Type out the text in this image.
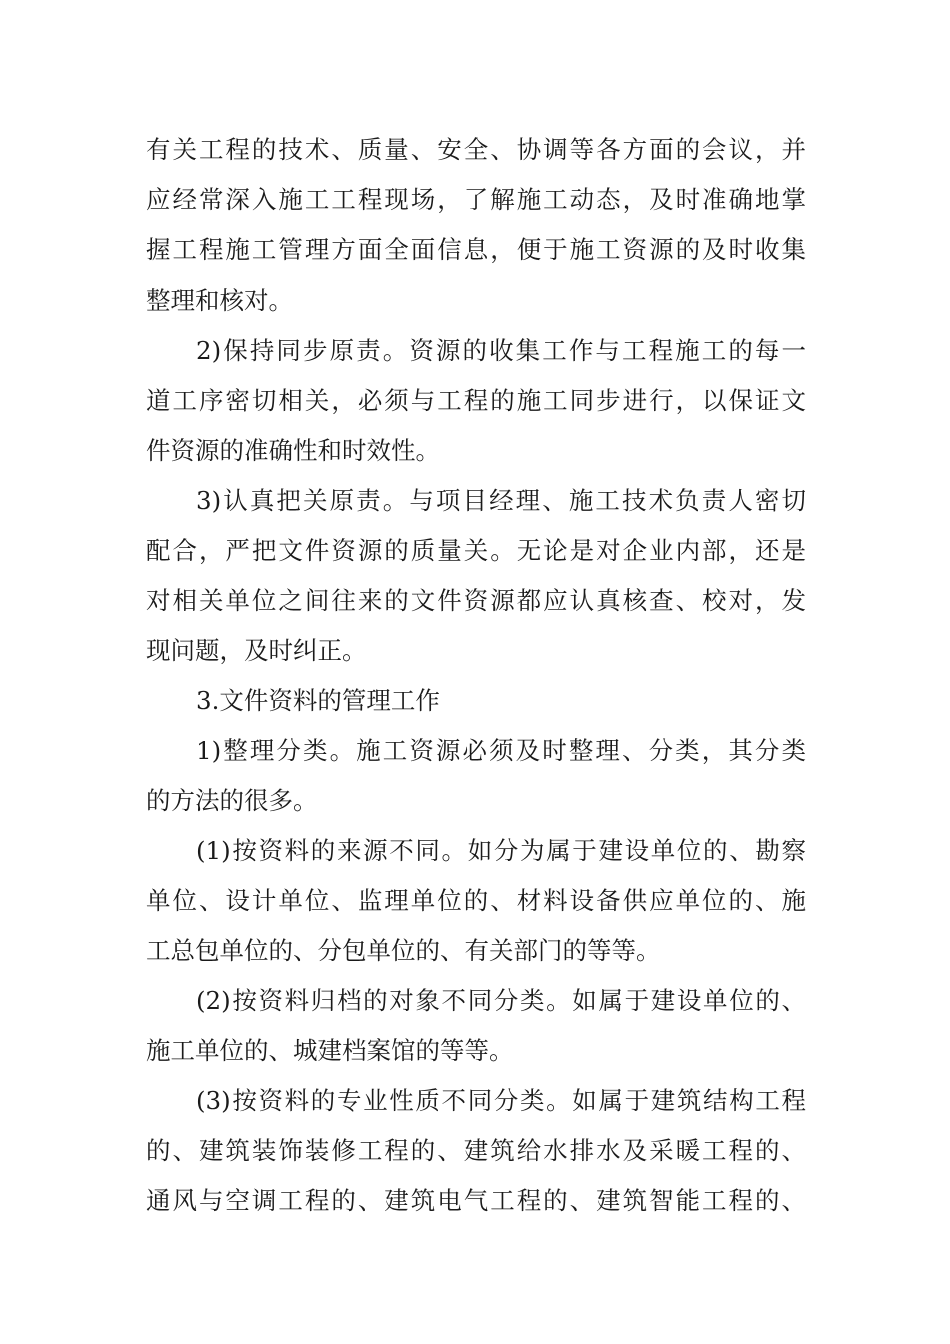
有关工程的技术、质量、安全、协调等各方面的会议，并
应经常深入施工工程现场，了解施工动态，及时准确地掌
握工程施工管理方面全面信息，便于施工资源的及时收集
整理和核对。
2)保持同步原责。资源的收集工作与工程施工的每一
道工序密切相关，必须与工程的施工同步进行，以保证文
件资源的准确性和时效性。
3)认真把关原责。与项目经理、施工技术负责人密切
配合，严把文件资源的质量关。无论是对企业内部，还是
对相关单位之间往来的文件资源都应认真核查、校对，发
现问题，及时纠正。
3.文件资料的管理工作
1)整理分类。施工资源必须及时整理、分类，其分类
的方法的很多。
(1)按资料的来源不同。如分为属于建设单位的、勘察
单位、设计单位、监理单位的、材料设备供应单位的、施
工总包单位的、分包单位的、有关部门的等等。
(2)按资料归档的对象不同分类。如属于建设单位的、
施工单位的、城建档案馆的等等。
(3)按资料的专业性质不同分类。如属于建筑结构工程
的、建筑装饰装修工程的、建筑给水排水及采暖工程的、
通风与空调工程的、建筑电气工程的、建筑智能工程的、
